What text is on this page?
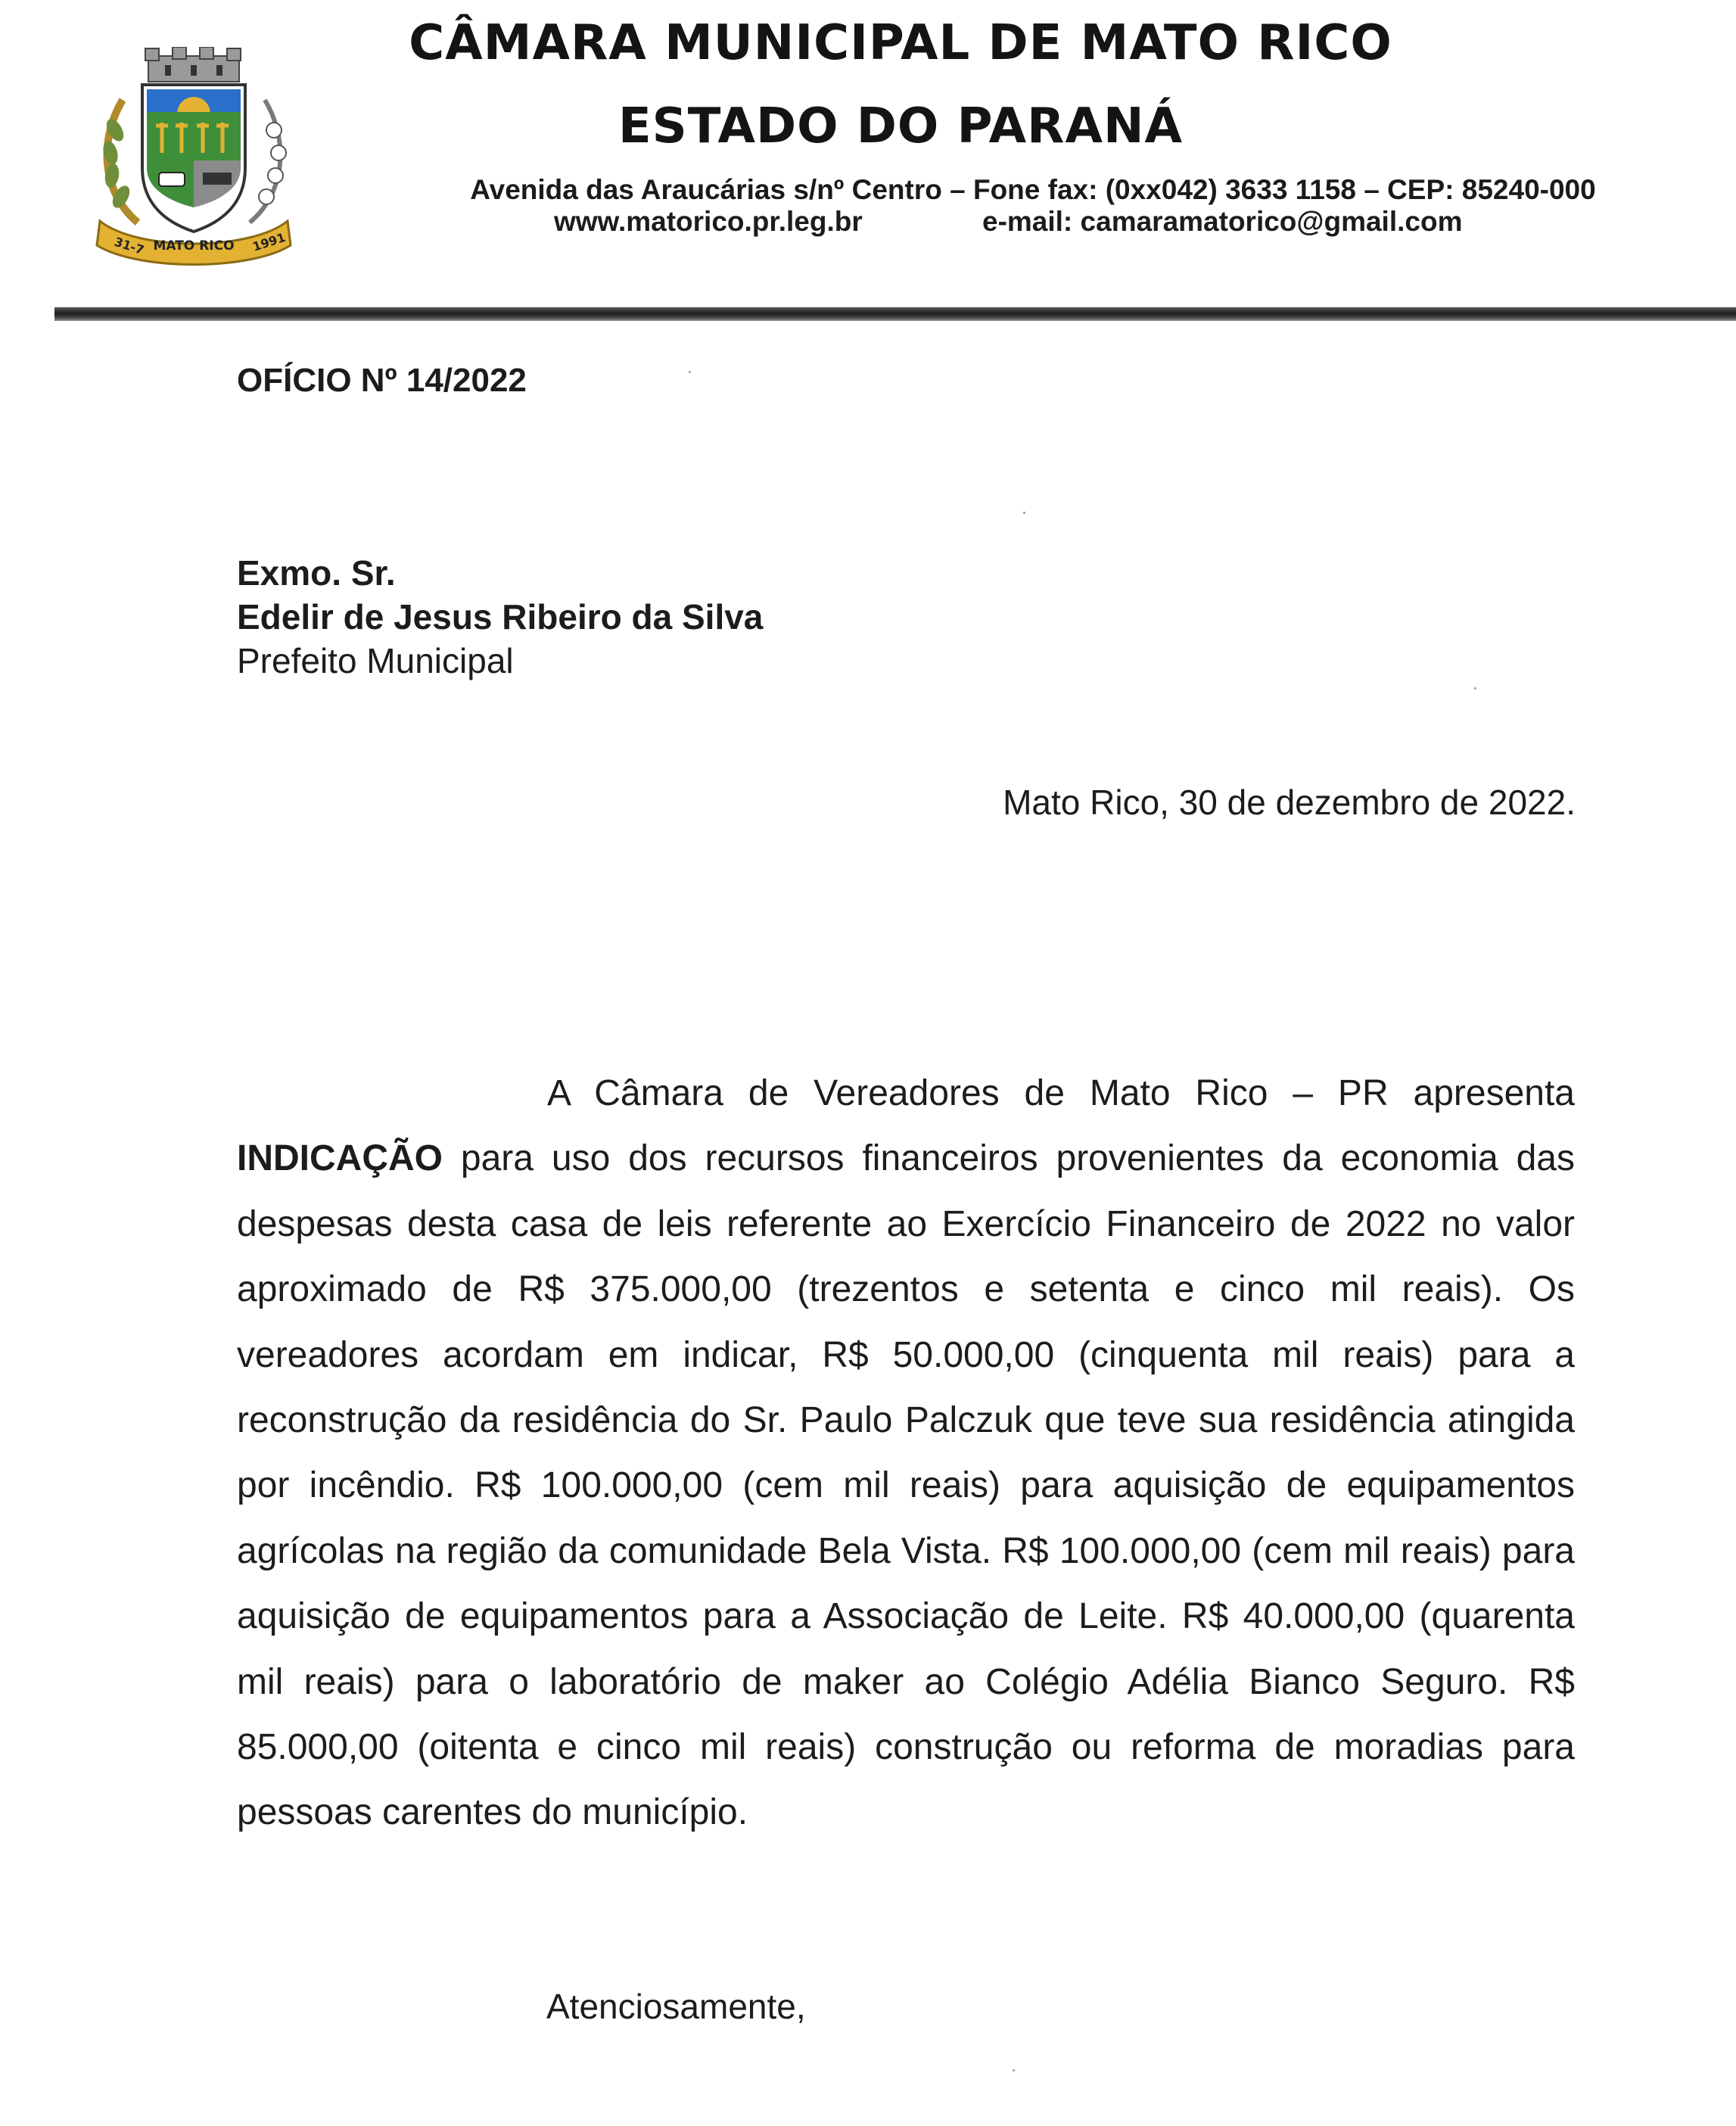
31-7 MATO RICO 1991
CÂMARA MUNICIPAL DE MATO RICO
ESTADO DO PARANÁ
Avenida das Araucárias s/nº Centro – Fone fax: (0xx042) 3633 1158 – CEP: 85240-000
www.matorico.pr.leg.br	e-mail: camaramatorico@gmail.com
OFÍCIO Nº 14/2022
Exmo. Sr.
Edelir de Jesus Ribeiro da Silva
Prefeito Municipal
Mato Rico, 30 de dezembro de 2022.

A Câmara de Vereadores de Mato Rico – PR apresenta INDICAÇÃO para uso dos recursos financeiros provenientes da economia das despesas desta casa de leis referente ao Exercício Financeiro de 2022 no valor aproximado de R$ 375.000,00 (trezentos e setenta e cinco mil reais). Os vereadores acordam em indicar, R$ 50.000,00 (cinquenta mil reais) para a reconstrução da residência do Sr. Paulo Palczuk que teve sua residência atingida por incêndio. R$ 100.000,00 (cem mil reais) para aquisição de equipamentos agrícolas na região da comunidade Bela Vista. R$ 100.000,00 (cem mil reais) para aquisição de equipamentos para a Associação de Leite. R$ 40.000,00 (quarenta mil reais) para o laboratório de maker ao Colégio Adélia Bianco Seguro. R$ 85.000,00 (oitenta e cinco mil reais) construção ou reforma de moradias para pessoas carentes do município.

Atenciosamente,
